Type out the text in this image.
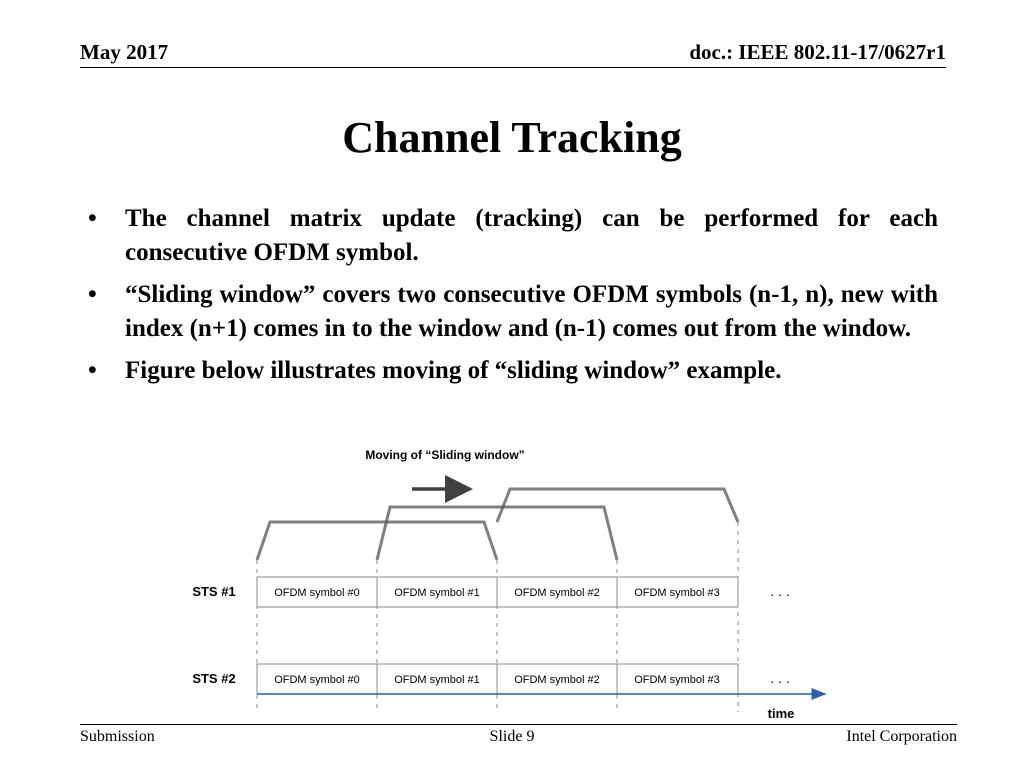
May 2017	doc.: IEEE 802.11-17/0627r1
Channel Tracking
• The channel matrix update (tracking) can be performed for each consecutive OFDM symbol.
• “Sliding window” covers two consecutive OFDM symbols (n-1, n), new with index (n+1) comes in to the window and (n-1) comes out from the window.
• Figure below illustrates moving of “sliding window” example.
Moving of “Sliding window”
STS #1	OFDM symbol #0	OFDM symbol #1	OFDM symbol #2	OFDM symbol #3	. . .
STS #2	OFDM symbol #0	OFDM symbol #1	OFDM symbol #2	OFDM symbol #3	. . .
time
Submission	Slide 9	Intel Corporation
